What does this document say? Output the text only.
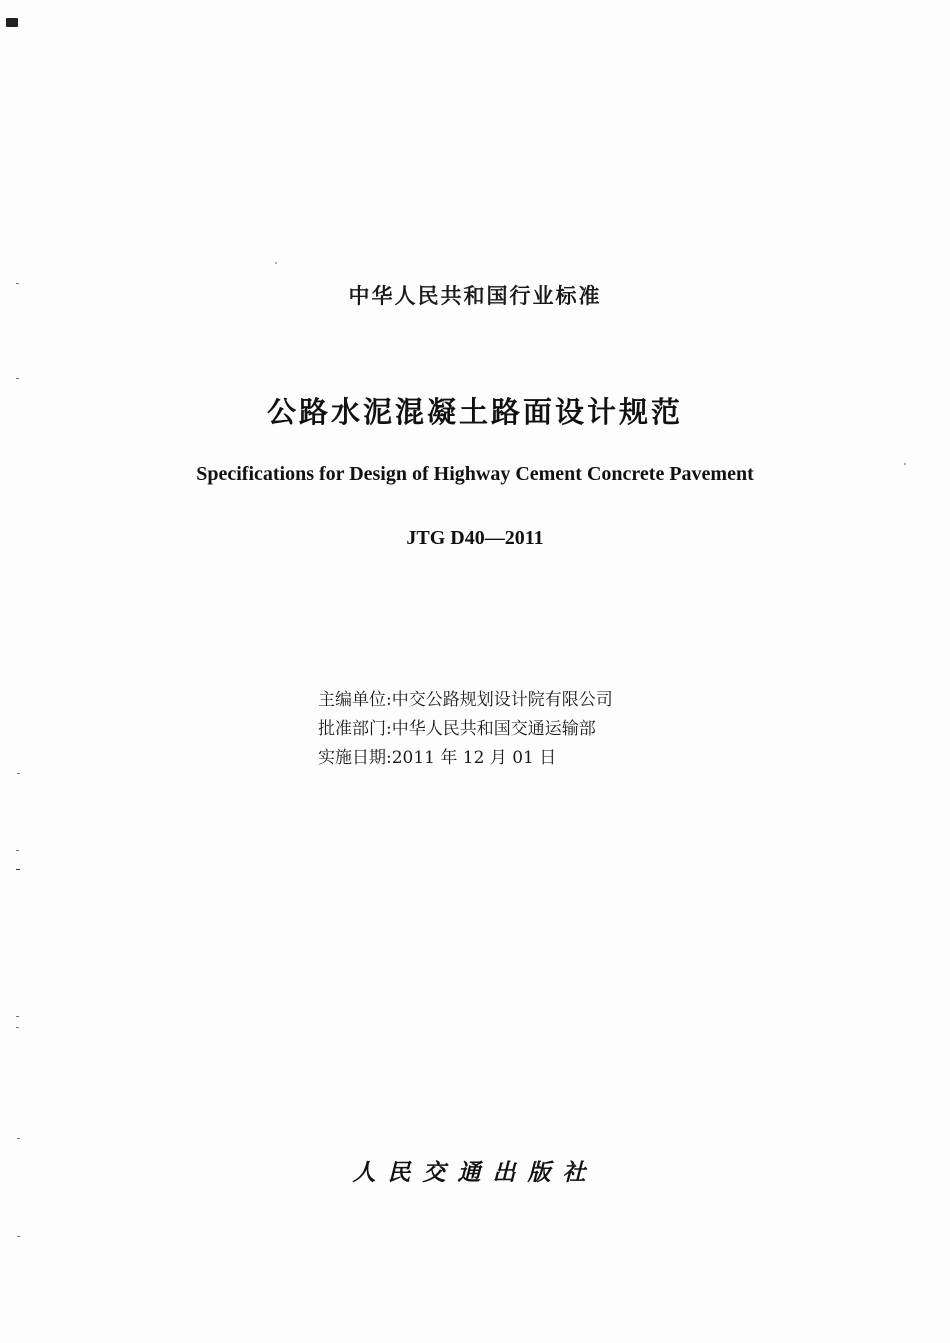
中华人民共和国行业标准
公路水泥混凝土路面设计规范
Specifications for Design of Highway Cement Concrete Pavement
JTG D40—2011
主编单位:中交公路规划设计院有限公司
批准部门:中华人民共和国交通运输部
实施日期:2011 年 12 月 01 日
人民交通出版社
